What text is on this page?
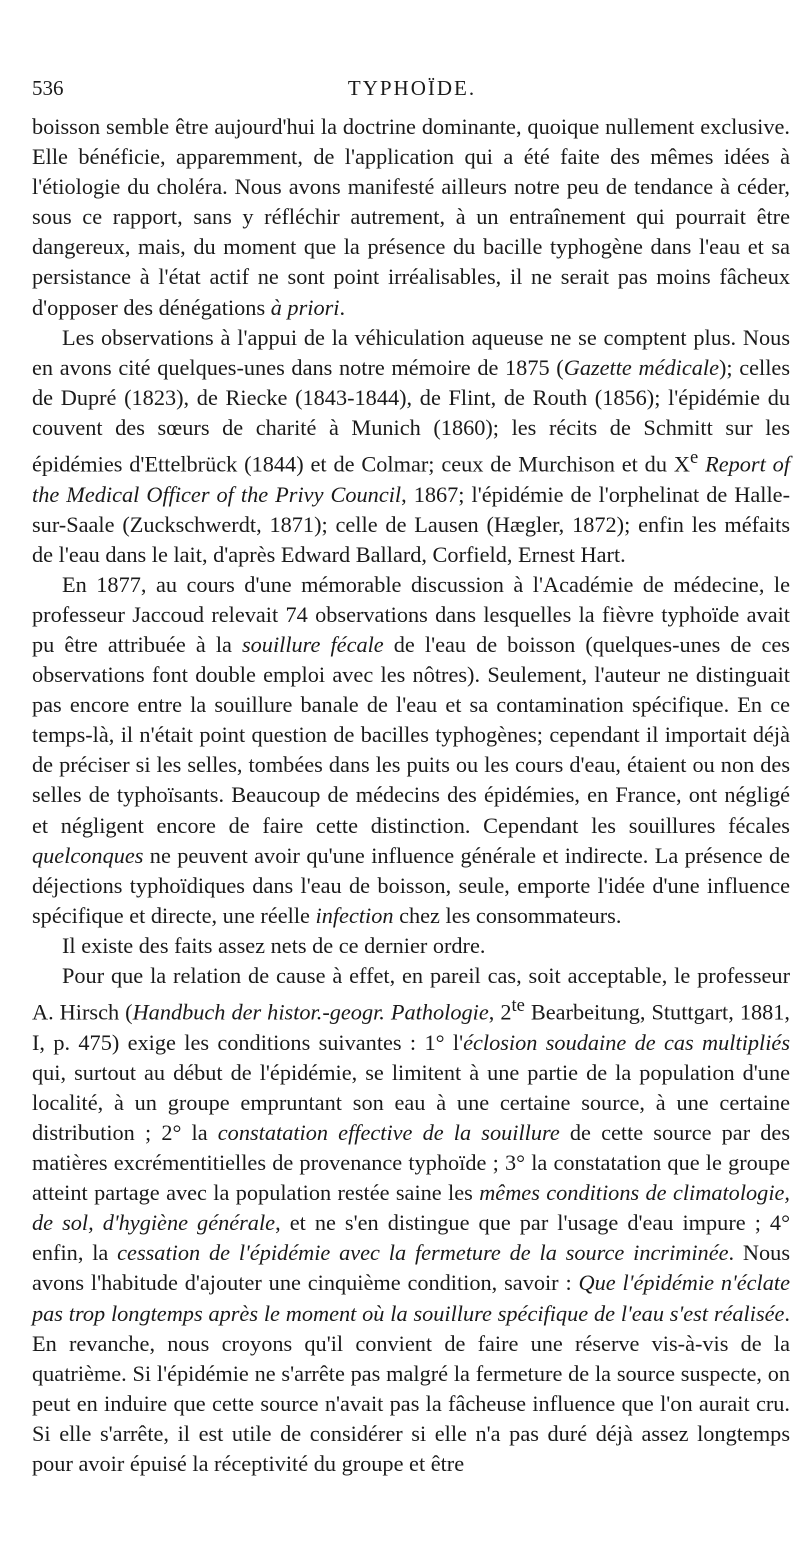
536	TYPHOÏDE.

boisson semble être aujourd'hui la doctrine dominante, quoique nullement exclusive. Elle bénéficie, apparemment, de l'application qui a été faite des mêmes idées à l'étiologie du choléra. Nous avons manifesté ailleurs notre peu de tendance à céder, sous ce rapport, sans y réfléchir autrement, à un entraînement qui pourrait être dangereux, mais, du moment que la présence du bacille typhogène dans l'eau et sa persistance à l'état actif ne sont point irréalisables, il ne serait pas moins fâcheux d'opposer des dénégations à priori.

Les observations à l'appui de la véhiculation aqueuse ne se comptent plus. Nous en avons cité quelques-unes dans notre mémoire de 1875 (Gazette médicale); celles de Dupré (1823), de Riecke (1843-1844), de Flint, de Routh (1856); l'épidémie du couvent des sœurs de charité à Munich (1860); les récits de Schmitt sur les épidémies d'Ettelbrück (1844) et de Colmar; ceux de Murchison et du Xe Report of the Medical Officer of the Privy Council, 1867; l'épidémie de l'orphelinat de Halle-sur-Saale (Zuckschwerdt, 1871); celle de Lausen (Hægler, 1872); enfin les méfaits de l'eau dans le lait, d'après Edward Ballard, Corfield, Ernest Hart.

En 1877, au cours d'une mémorable discussion à l'Académie de médecine, le professeur Jaccoud relevait 74 observations dans lesquelles la fièvre typhoïde avait pu être attribuée à la souillure fécale de l'eau de boisson (quelques-unes de ces observations font double emploi avec les nôtres). Seulement, l'auteur ne distinguait pas encore entre la souillure banale de l'eau et sa contamination spécifique. En ce temps-là, il n'était point question de bacilles typhogènes; cependant il importait déjà de préciser si les selles, tombées dans les puits ou les cours d'eau, étaient ou non des selles de typhoïsants. Beaucoup de médecins des épidémies, en France, ont négligé et négligent encore de faire cette distinction. Cependant les souillures fécales quelconques ne peuvent avoir qu'une influence générale et indirecte. La présence de déjections typhoïdiques dans l'eau de boisson, seule, emporte l'idée d'une influence spécifique et directe, une réelle infection chez les consommateurs.

Il existe des faits assez nets de ce dernier ordre.

Pour que la relation de cause à effet, en pareil cas, soit acceptable, le professeur A. Hirsch (Handbuch der histor.-geogr. Pathologie, $2^{te}$ Bearbeitung, Stuttgart, 1881, I, p. 475) exige les conditions suivantes : 1° l'éclosion soudaine de cas multipliés qui, surtout au début de l'épidémie, se limitent à une partie de la population d'une localité, à un groupe empruntant son eau à une certaine source, à une certaine distribution ; 2° la constatation effective de la souillure de cette source par des matières excrémentitielles de provenance typhoïde ; 3° la constatation que le groupe atteint partage avec la population restée saine les mêmes conditions de climatologie, de sol, d'hygiène générale, et ne s'en distingue que par l'usage d'eau impure ; 4° enfin, la cessation de l'épidémie avec la fermeture de la source incriminée. Nous avons l'habitude d'ajouter une cinquième condition, savoir : Que l'épidémie n'éclate pas trop longtemps après le moment où la souillure spécifique de l'eau s'est réalisée. En revanche, nous croyons qu'il convient de faire une réserve vis-à-vis de la quatrième. Si l'épidémie ne s'arrête pas malgré la fermeture de la source suspecte, on peut en induire que cette source n'avait pas la fâcheuse influence que l'on aurait cru. Si elle s'arrête, il est utile de considérer si elle n'a pas duré déjà assez longtemps pour avoir épuisé la réceptivité du groupe et être
